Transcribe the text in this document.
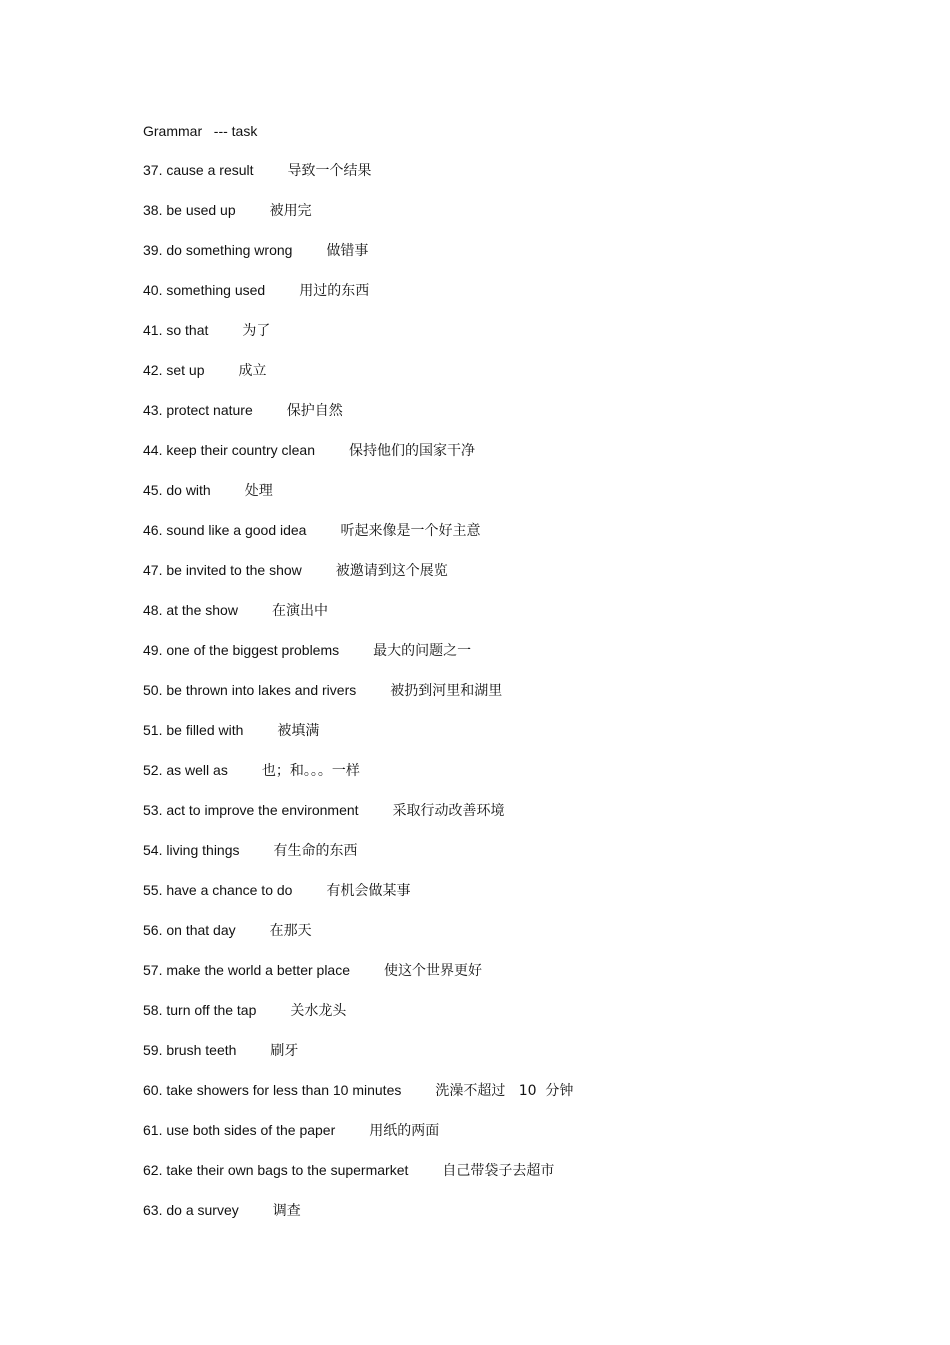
Grammar   --- task
37. cause a result 导致一个结果
38. be used up 被用完
39. do something wrong 做错事
40. something used 用过的东西
41. so that 为了
42. set up 成立
43. protect nature 保护自然
44. keep their country clean 保持他们的国家干净
45. do with 处理
46. sound like a good idea 听起来像是一个好主意
47. be invited to the show 被邀请到这个展览
48. at the show 在演出中
49. one of the biggest problems 最大的问题之一
50. be thrown into lakes and rivers 被扔到河里和湖里
51. be filled with 被填满
52. as well as 也；和。。。一样
53. act to improve the environment 采取行动改善环境
54. living things 有生命的东西
55. have a chance to do 有机会做某事
56. on that day 在那天
57. make the world a better place 使这个世界更好
58. turn off the tap 关水龙头
59. brush teeth 刷牙
60. take showers for less than 10 minutes 洗澡不超过   10  分钟
61. use both sides of the paper 用纸的两面
62. take their own bags to the supermarket 自己带袋子去超市
63. do a survey 调查
